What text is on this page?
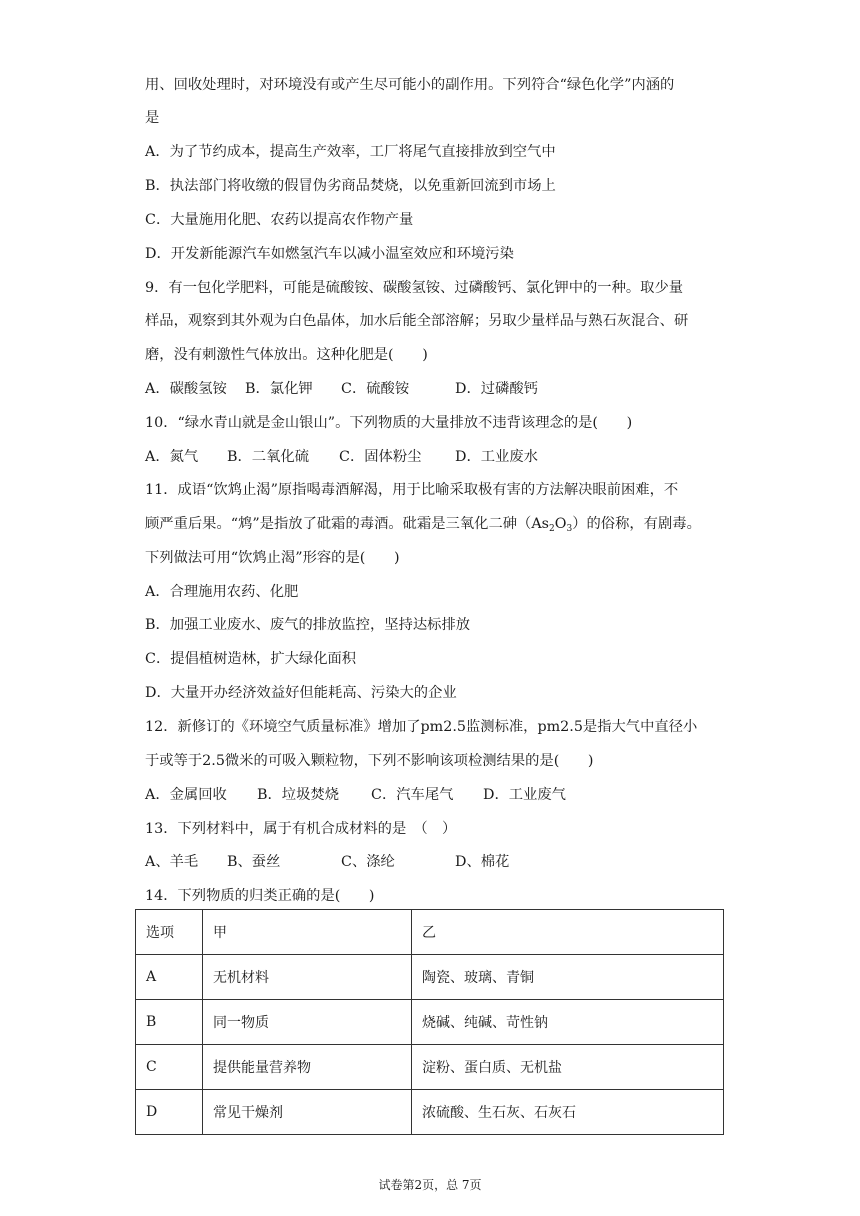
用、回收处理时，对环境没有或产生尽可能小的副作用。下列符合“绿色化学”内涵的
是
A．为了节约成本，提高生产效率，工厂将尾气直接排放到空气中
B．执法部门将收缴的假冒伪劣商品焚烧，以免重新回流到市场上
C．大量施用化肥、农药以提高农作物产量
D．开发新能源汽车如燃氢汽车以减小温室效应和环境污染
9．有一包化学肥料，可能是硫酸铵、碳酸氢铵、过磷酸钙、氯化钾中的一种。取少量
样品，观察到其外观为白色晶体，加水后能全部溶解；另取少量样品与熟石灰混合、研
磨，没有刺激性气体放出。这种化肥是(　　)
A．碳酸氢铵 B．氯化钾 C．硫酸铵	D．过磷酸钙
10．“绿水青山就是金山银山”。下列物质的大量排放不违背该理念的是(　　)
A．氮气 B．二氧化硫 C．固体粉尘 D．工业废水
11．成语“饮鸩止渴”原指喝毒酒解渴，用于比喻采取极有害的方法解决眼前困难，不
顾严重后果。“鸩”是指放了砒霜的毒酒。砒霜是三氧化二砷$(As_2O_3)$的俗称，有剧毒。
下列做法可用“饮鸩止渴”形容的是(　　)
A．合理施用农药、化肥
B．加强工业废水、废气的排放监控，坚持达标排放
C．提倡植树造林，扩大绿化面积
D．大量开办经济效益好但能耗高、污染大的企业
12．新修订的《环境空气质量标准》增加了pm2.5监测标准，pm2.5是指大气中直径小
于或等于2.5微米的可吸入颗粒物，下列不影响该项检测结果的是(　　)
A．金属回收 B．垃圾焚烧 C．汽车尾气 D．工业废气
13．下列材料中，属于有机合成材料的是　（　）
A、羊毛 B、蚕丝	C、涤纶	D、棉花
14．下列物质的归类正确的是(　　)
选项	甲	乙
A	无机材料	陶瓷、玻璃、青铜
B	同一物质	烧碱、纯碱、苛性钠
C	提供能量营养物	淀粉、蛋白质、无机盐
D	常见干燥剂	浓硫酸、生石灰、石灰石
试卷第2页，总 7页
